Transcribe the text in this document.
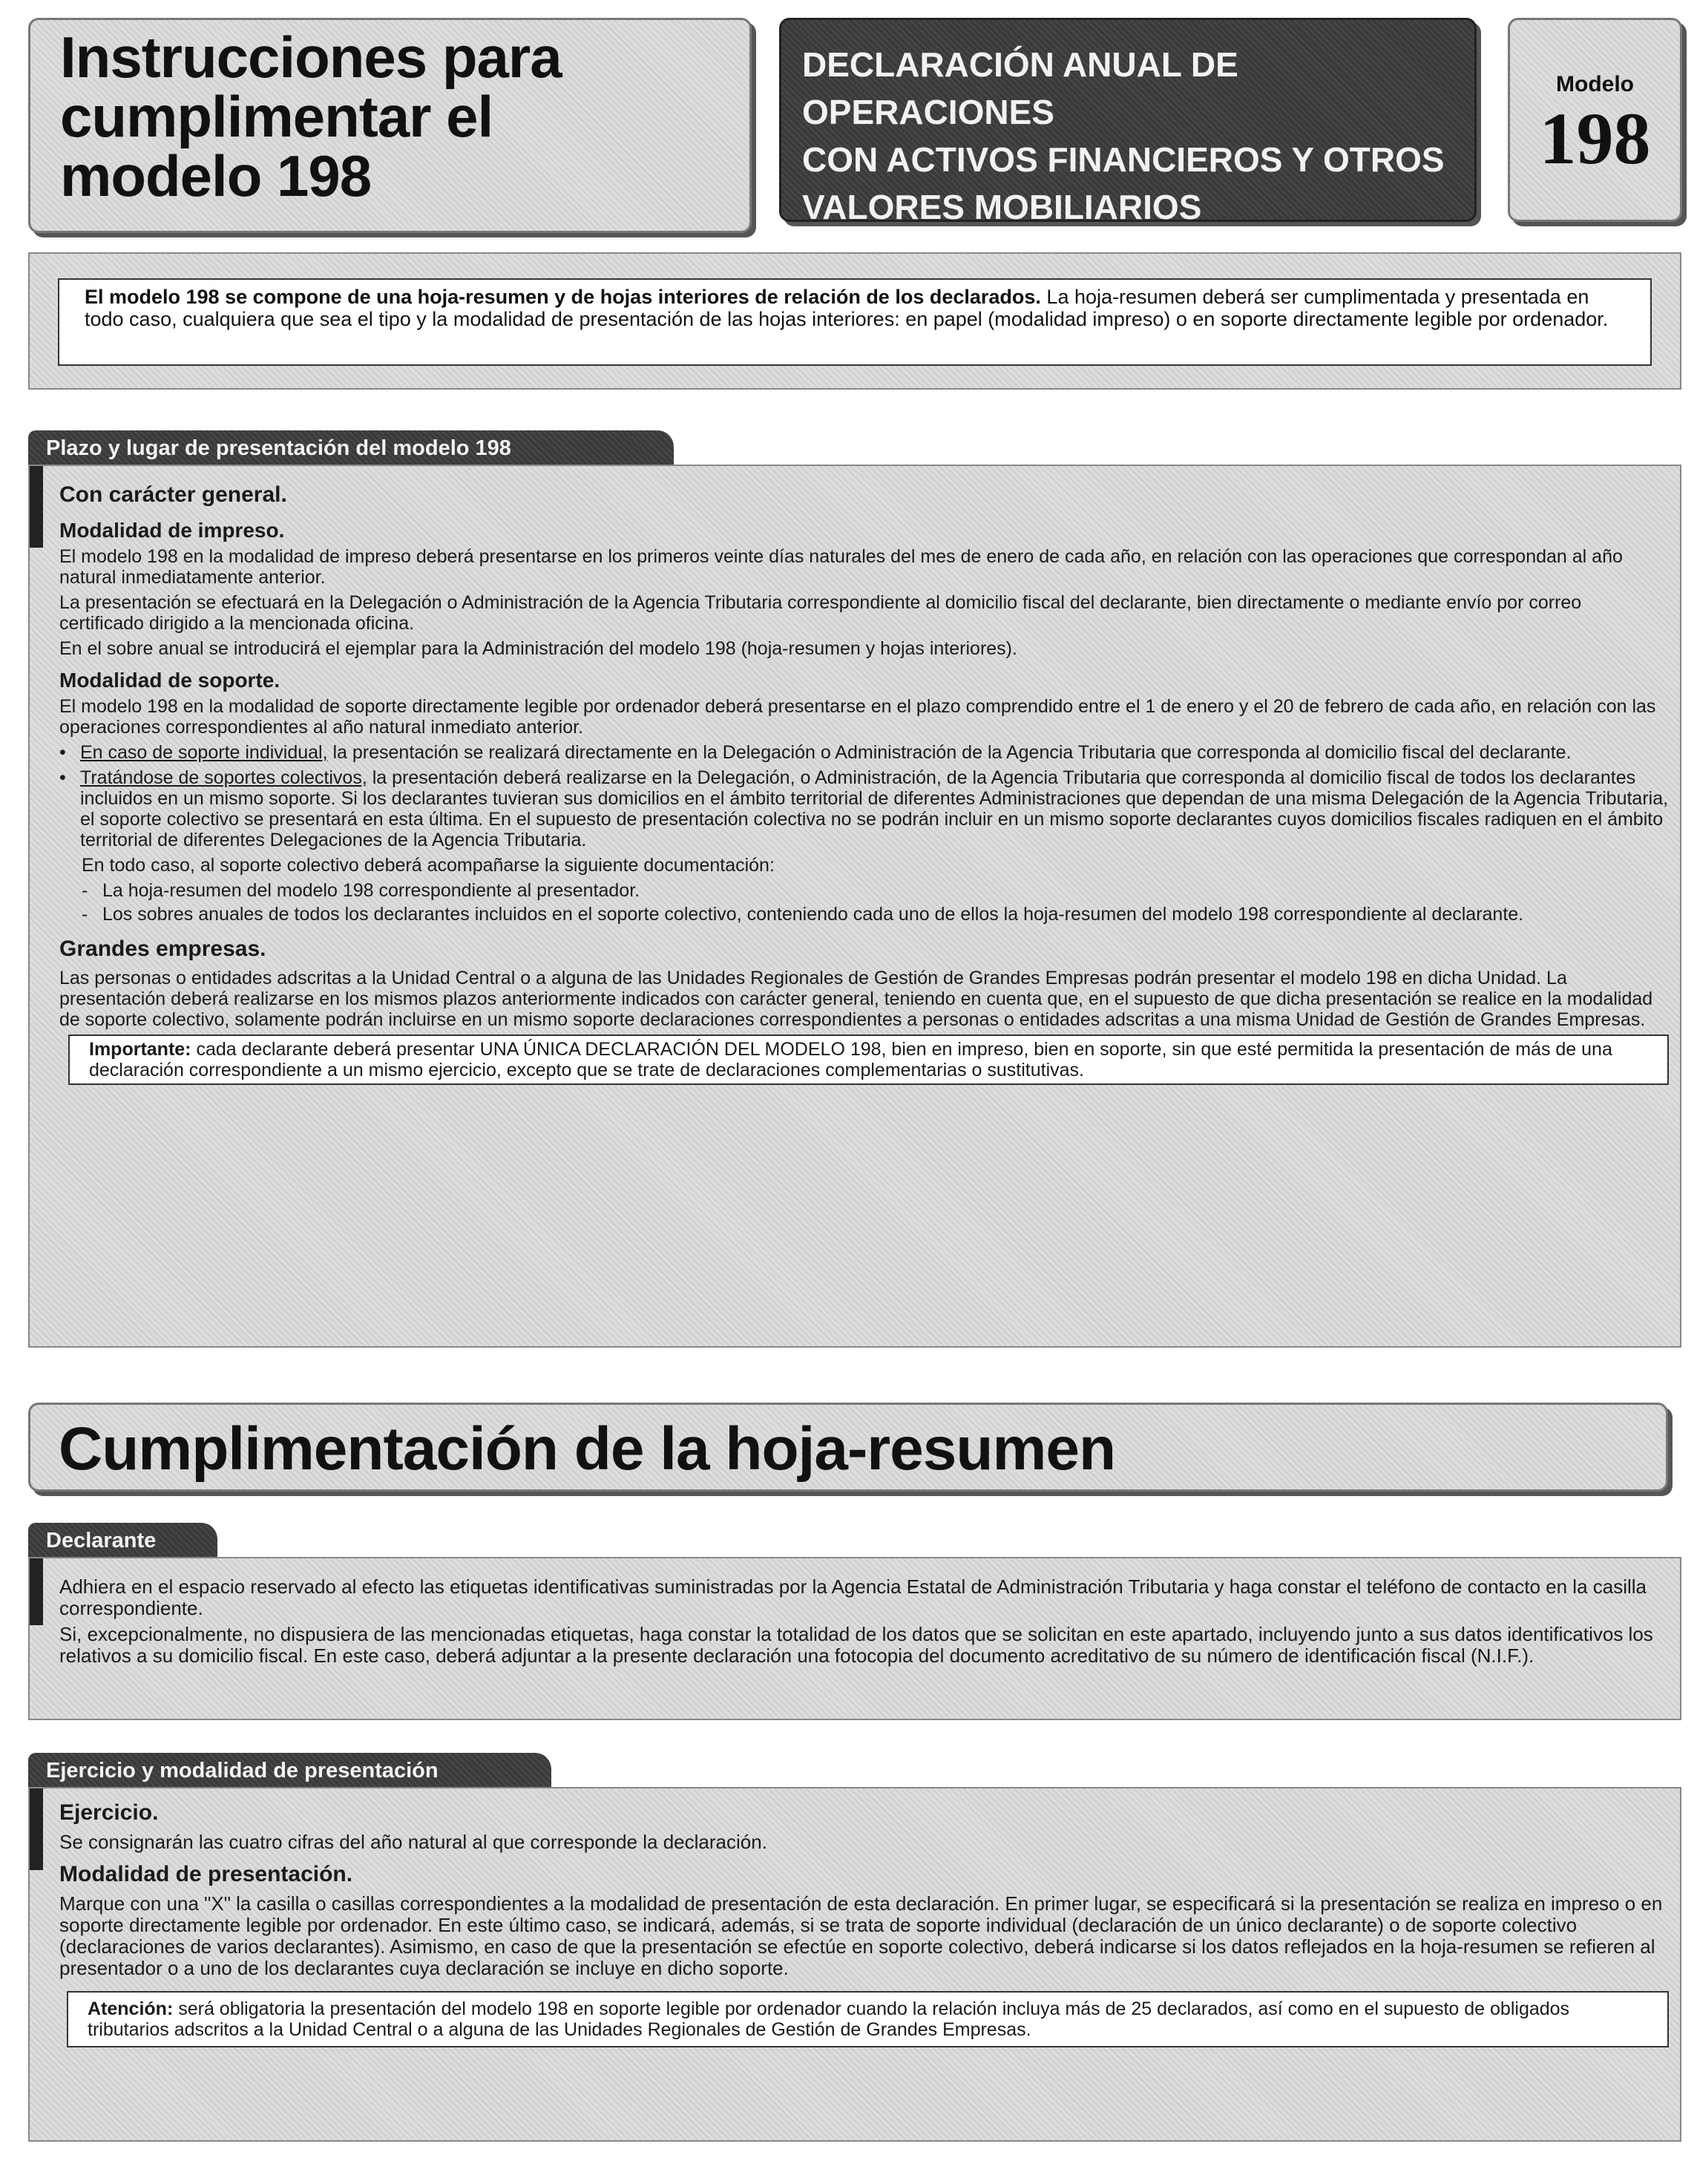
Instrucciones para
cumplimentar el
modelo 198
DECLARACIÓN ANUAL DE OPERACIONES
CON ACTIVOS FINANCIEROS Y OTROS
VALORES MOBILIARIOS
Modelo
198
El modelo 198 se compone de una hoja-resumen y de hojas interiores de relación de los declarados. La hoja-resumen deberá ser cumplimentada y presentada en todo caso, cualquiera que sea el tipo y la modalidad de presentación de las hojas interiores: en papel (modalidad impreso) o en soporte directamente legible por ordenador.
Plazo y lugar de presentación del modelo 198
Con carácter general.
Modalidad de impreso.

El modelo 198 en la modalidad de impreso deberá presentarse en los primeros veinte días naturales del mes de enero de cada año, en relación con las operaciones que correspondan al año natural inmediatamente anterior.

La presentación se efectuará en la Delegación o Administración de la Agencia Tributaria correspondiente al domicilio fiscal del declarante, bien directamente o mediante envío por correo certificado dirigido a la mencionada oficina.

En el sobre anual se introducirá el ejemplar para la Administración del modelo 198 (hoja-resumen y hojas interiores).

Modalidad de soporte.

El modelo 198 en la modalidad de soporte directamente legible por ordenador deberá presentarse en el plazo comprendido entre el 1 de enero y el 20 de febrero de cada año, en relación con las operaciones correspondientes al año natural inmediato anterior.

• En caso de soporte individual, la presentación se realizará directamente en la Delegación o Administración de la Agencia Tributaria que corresponda al domicilio fiscal del declarante.
• Tratándose de soportes colectivos, la presentación deberá realizarse en la Delegación, o Administración, de la Agencia Tributaria que corresponda al domicilio fiscal de todos los declarantes incluidos en un mismo soporte. Si los declarantes tuvieran sus domicilios en el ámbito territorial de diferentes Administraciones que dependan de una misma Delegación de la Agencia Tributaria, el soporte colectivo se presentará en esta última. En el supuesto de presentación colectiva no se podrán incluir en un mismo soporte declarantes cuyos domicilios fiscales radiquen en el ámbito territorial de diferentes Delegaciones de la Agencia Tributaria.

En todo caso, al soporte colectivo deberá acompañarse la siguiente documentación:

- La hoja-resumen del modelo 198 correspondiente al presentador.
- Los sobres anuales de todos los declarantes incluidos en el soporte colectivo, conteniendo cada uno de ellos la hoja-resumen del modelo 198 correspondiente al declarante.
Grandes empresas.

Las personas o entidades adscritas a la Unidad Central o a alguna de las Unidades Regionales de Gestión de Grandes Empresas podrán presentar el modelo 198 en dicha Unidad. La presentación deberá realizarse en los mismos plazos anteriormente indicados con carácter general, teniendo en cuenta que, en el supuesto de que dicha presentación se realice en la modalidad de soporte colectivo, solamente podrán incluirse en un mismo soporte declaraciones correspondientes a personas o entidades adscritas a una misma Unidad de Gestión de Grandes Empresas.

Importante: cada declarante deberá presentar UNA ÚNICA DECLARACIÓN DEL MODELO 198, bien en impreso, bien en soporte, sin que esté permitida la presentación de más de una declaración correspondiente a un mismo ejercicio, excepto que se trate de declaraciones complementarias o sustitutivas.
Cumplimentación de la hoja-resumen
Declarante

Adhiera en el espacio reservado al efecto las etiquetas identificativas suministradas por la Agencia Estatal de Administración Tributaria y haga constar el teléfono de contacto en la casilla correspondiente.

Si, excepcionalmente, no dispusiera de las mencionadas etiquetas, haga constar la totalidad de los datos que se solicitan en este apartado, incluyendo junto a sus datos identificativos los relativos a su domicilio fiscal. En este caso, deberá adjuntar a la presente declaración una fotocopia del documento acreditativo de su número de identificación fiscal (N.I.F.).

Ejercicio y modalidad de presentación
Ejercicio.

Se consignarán las cuatro cifras del año natural al que corresponde la declaración.

Modalidad de presentación.

Marque con una "X" la casilla o casillas correspondientes a la modalidad de presentación de esta declaración. En primer lugar, se especificará si la presentación se realiza en impreso o en soporte directamente legible por ordenador. En este último caso, se indicará, además, si se trata de soporte individual (declaración de un único declarante) o de soporte colectivo (declaraciones de varios declarantes). Asimismo, en caso de que la presentación se efectúe en soporte colectivo, deberá indicarse si los datos reflejados en la hoja-resumen se refieren al presentador o a uno de los declarantes cuya declaración se incluye en dicho soporte.

Atención: será obligatoria la presentación del modelo 198 en soporte legible por ordenador cuando la relación incluya más de 25 declarados, así como en el supuesto de obligados tributarios adscritos a la Unidad Central o a alguna de las Unidades Regionales de Gestión de Grandes Empresas.
